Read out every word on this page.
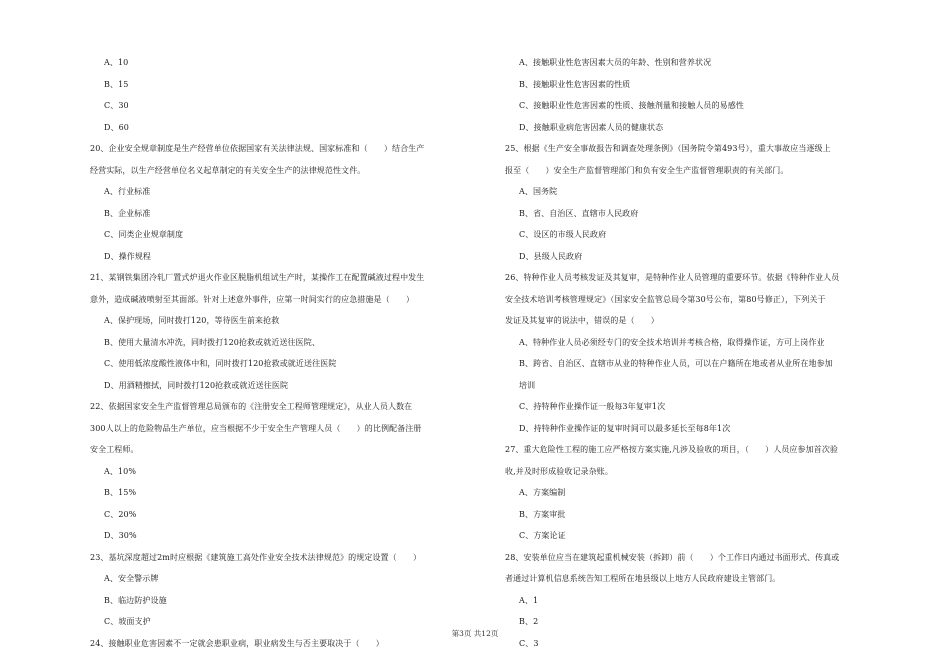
A、10

B、15

C、30

D、60

20、企业安全规章制度是生产经营单位依据国家有关法律法规、国家标准和（　　）结合生产

经营实际，以生产经营单位名义起草制定的有关安全生产的法律规范性文件。

A、行业标准

B、企业标准

C、同类企业规章制度

D、操作规程

21、某钢铁集团冷轧厂置式炉退火作业区脱脂机组试生产时，某操作工在配置碱液过程中发生

意外，造成碱液喷射至其面部。针对上述意外事件，应第一时间实行的应急措施是（　　）

A、保护现场，同时拨打120，等待医生前来抢救

B、使用大量清水冲洗，同时拨打120抢救或就近送往医院、

C、使用低浓度酸性液体中和，同时拨打120抢救或就近送往医院

D、用酒精擦拭，同时拨打120抢救或就近送往医院

22、依据国家安全生产监督管理总局颁布的《注册安全工程师管理规定》，从业人员人数在

300人以上的危险物品生产单位，应当根据不少于安全生产管理人员（　　）的比例配备注册

安全工程师。

A、10%

B、15%

C、20%

D、30%

23、基坑深度超过2m时应根据《建筑施工高处作业安全技术法律规范》的规定设置（　　）

A、安全警示牌

B、临边防护设施

C、坡面支护

24、接触职业危害因素不一定就会患职业病，职业病发生与否主要取决于（　　）

A、接触职业性危害因素大员的年龄、性别和营养状况

B、接触职业性危害因素的性质

C、接触职业性危害因素的性质、接触剂量和接触人员的易感性

D、接触职业病危害因素人员的健康状态

25、根据《生产安全事故报告和调查处理条例》（国务院令第493号），重大事故应当逐级上

报至（　　）安全生产监督管理部门和负有安全生产监督管理职责的有关部门。

A、国务院

B、省、自治区、直辖市人民政府

C、设区的市级人民政府

D、县级人民政府

26、特种作业人员考核发证及其复审，是特种作业人员管理的重要环节。依据《特种作业人员

安全技术培训考核管理规定》（国家安全监管总局令第30号公布，第80号修正），下列关于

发证及其复审的说法中，错误的是（　　）

A、特种作业人员必须经专门的安全技术培训并考核合格，取得操作证，方可上岗作业

B、跨省、自治区、直辖市从业的特种作业人员，可以在户籍所在地或者从业所在地参加

培训

C、持特种作业操作证一般每3年复审1次

D、持特种作业操作证的复审时间可以最多延长至每8年1次

27、重大危险性工程的施工应严格按方案实施,凡涉及验收的项目，（　　）人员应参加首次验

收,并及时形成验收记录杂账。

A、方案编制

B、方案审批

C、方案论证

28、安装单位应当在建筑起重机械安装（拆卸）前（　　）个工作日内通过书面形式、传真或

者通过计算机信息系统告知工程所在地县级以上地方人民政府建设主管部门。

A、1

B、2

C、3

第3页 共12页
